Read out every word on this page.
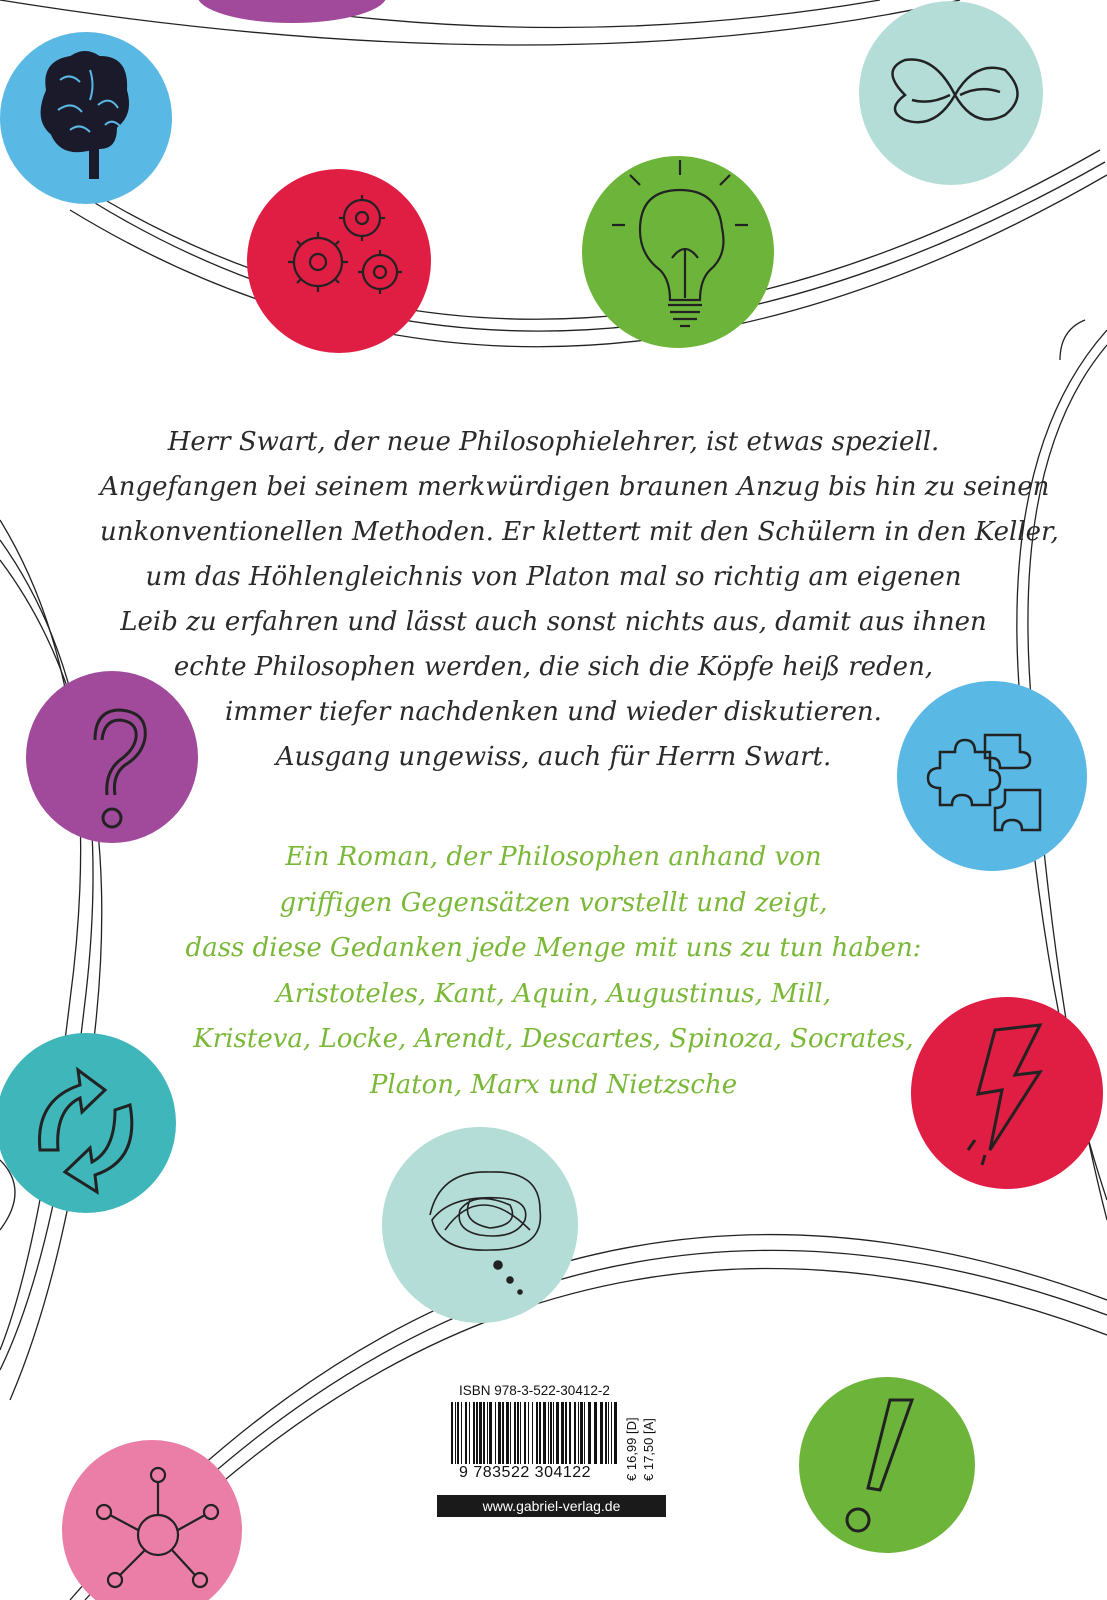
Herr Swart, der neue Philosophielehrer, ist etwas speziell.
Angefangen bei seinem merkwürdigen braunen Anzug bis hin zu seinen
unkonventionellen Methoden. Er klettert mit den Schülern in den Keller,
um das Höhlengleichnis von Platon mal so richtig am eigenen
Leib zu erfahren und lässt auch sonst nichts aus, damit aus ihnen
echte Philosophen werden, die sich die Köpfe heiß reden,
immer tiefer nachdenken und wieder diskutieren.
Ausgang ungewiss, auch für Herrn Swart.
Ein Roman, der Philosophen anhand von
griffigen Gegensätzen vorstellt und zeigt,
dass diese Gedanken jede Menge mit uns zu tun haben:
Aristoteles, Kant, Aquin, Augustinus, Mill,
Kristeva, Locke, Arendt, Descartes, Spinoza, Socrates,
Platon, Marx und Nietzsche
ISBN 978-3-522-30412-2
9 783522 304122	€ 16,99 [D] € 17,50 [A]
www.gabriel-verlag.de
